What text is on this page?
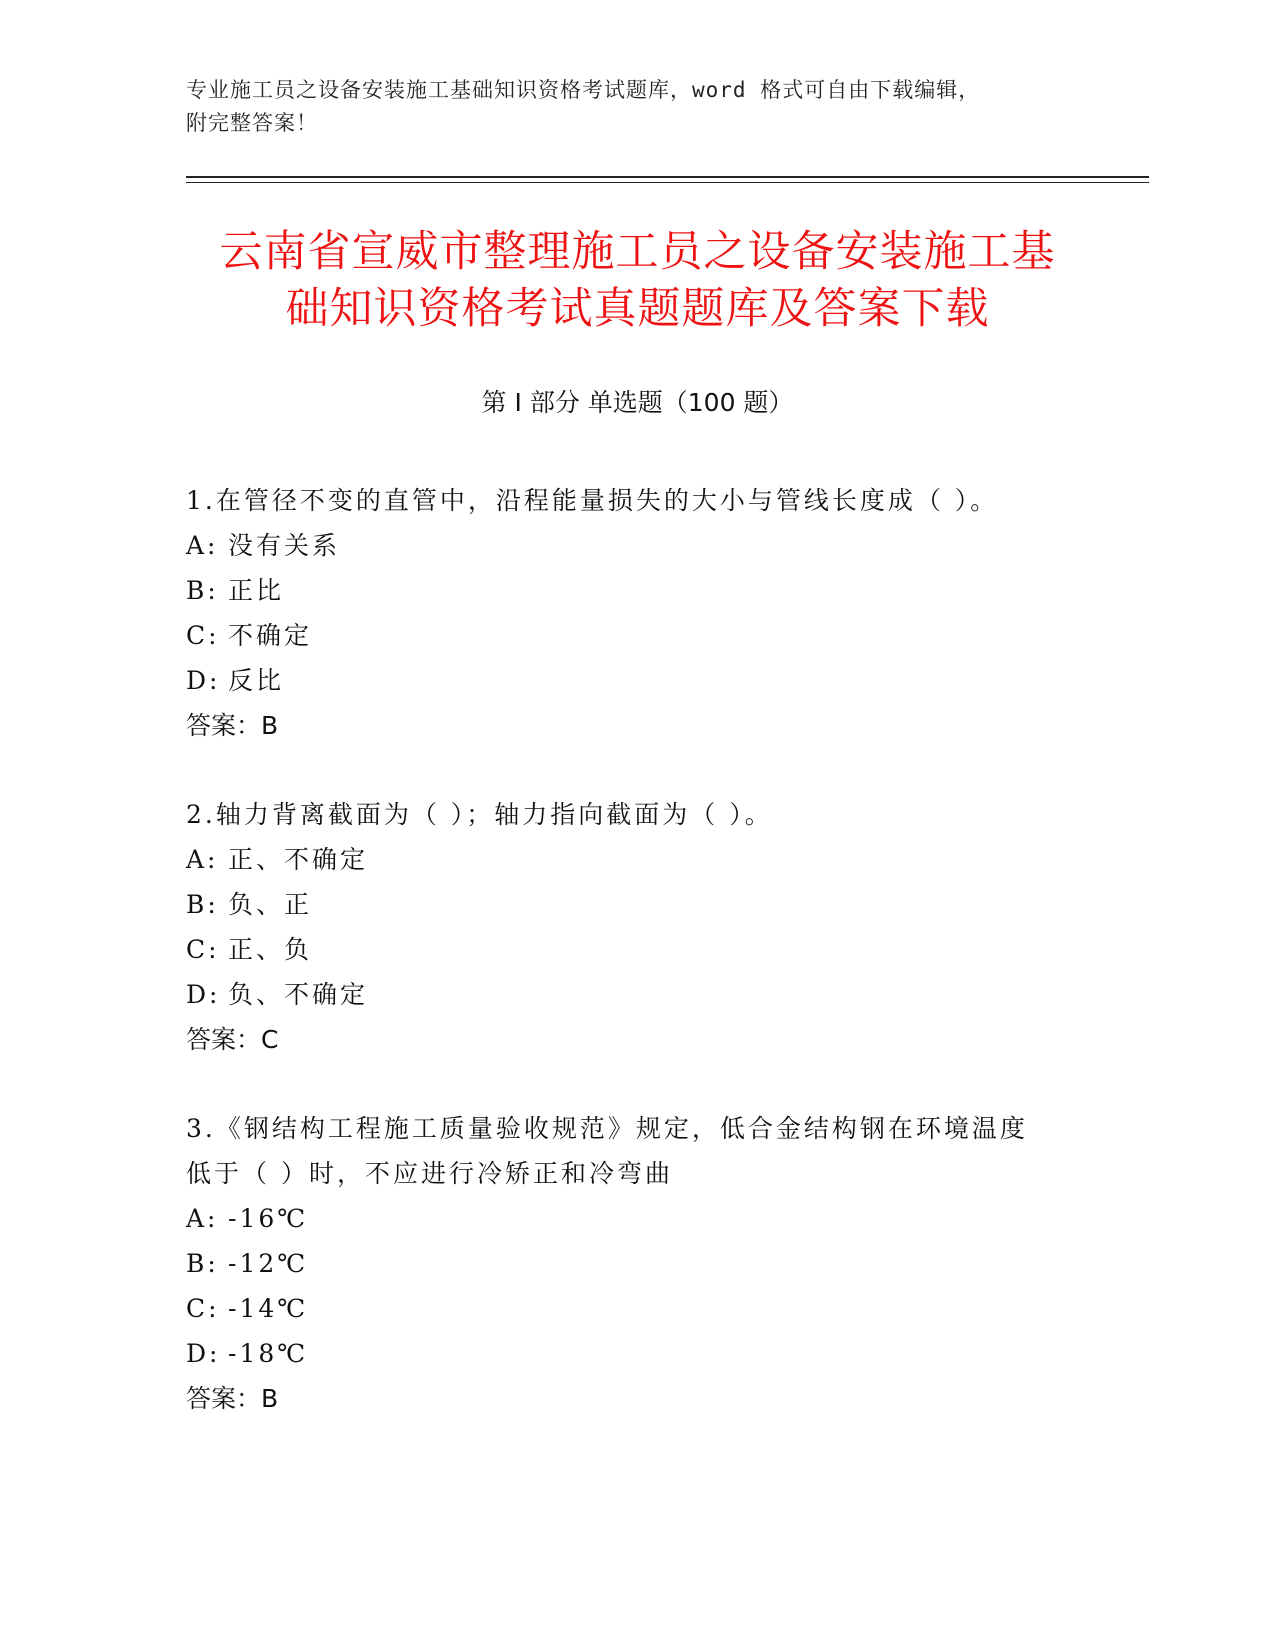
专业施工员之设备安装施工基础知识资格考试题库，word 格式可自由下载编辑，
附完整答案！
云南省宣威市整理施工员之设备安装施工基
础知识资格考试真题题库及答案下载
第 I 部分 单选题（100 题）
1.在管径不变的直管中，沿程能量损失的大小与管线长度成（ ）。
A: 没有关系
B: 正比
C: 不确定
D: 反比
答案：B
2.轴力背离截面为（ ）；轴力指向截面为（ ）。
A: 正、不确定
B: 负、正
C: 正、负
D: 负、不确定
答案：C
3.《钢结构工程施工质量验收规范》规定，低合金结构钢在环境温度
低于（ ）时，不应进行冷矫正和冷弯曲
A: -16℃
B: -12℃
C: -14℃
D: -18℃
答案：B
